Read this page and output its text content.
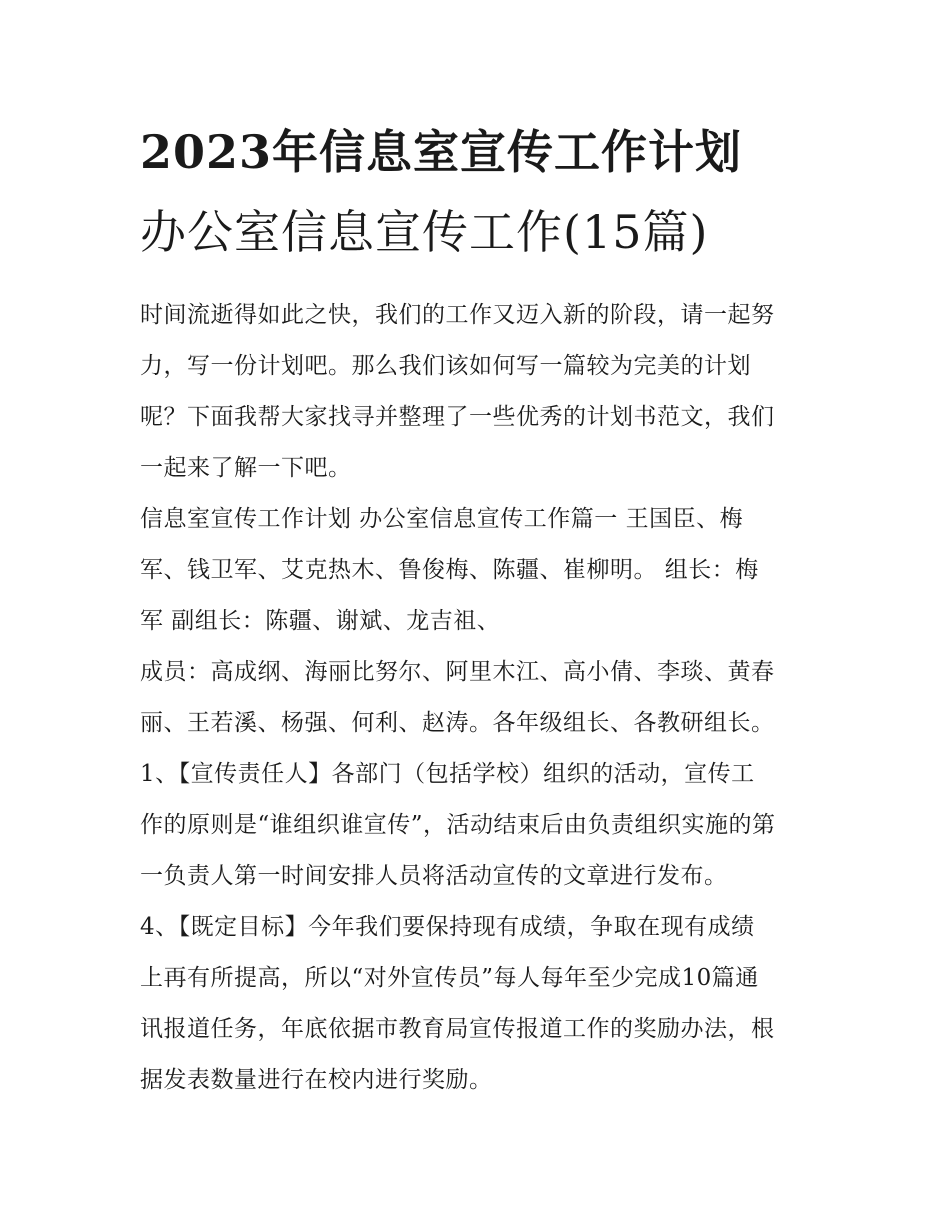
2023年信息室宣传工作计划
办公室信息宣传工作(15篇)

时间流逝得如此之快，我们的工作又迈入新的阶段，请一起努
力，写一份计划吧。那么我们该如何写一篇较为完美的计划
呢？下面我帮大家找寻并整理了一些优秀的计划书范文，我们
一起来了解一下吧。

信息室宣传工作计划 办公室信息宣传工作篇一 王国臣、梅
军、钱卫军、艾克热木、鲁俊梅、陈疆、崔柳明。 组长：梅
军 副组长：陈疆、谢斌、龙吉祖、

成员：高成纲、海丽比努尔、阿里木江、高小倩、李琰、黄春
丽、王若溪、杨强、何利、赵涛。各年级组长、各教研组长。

1、【宣传责任人】各部门（包括学校）组织的活动，宣传工
作的原则是“谁组织谁宣传”，活动结束后由负责组织实施的第
一负责人第一时间安排人员将活动宣传的文章进行发布。

4、【既定目标】今年我们要保持现有成绩，争取在现有成绩
上再有所提高，所以“对外宣传员”每人每年至少完成10篇通
讯报道任务，年底依据市教育局宣传报道工作的奖励办法，根
据发表数量进行在校内进行奖励。
